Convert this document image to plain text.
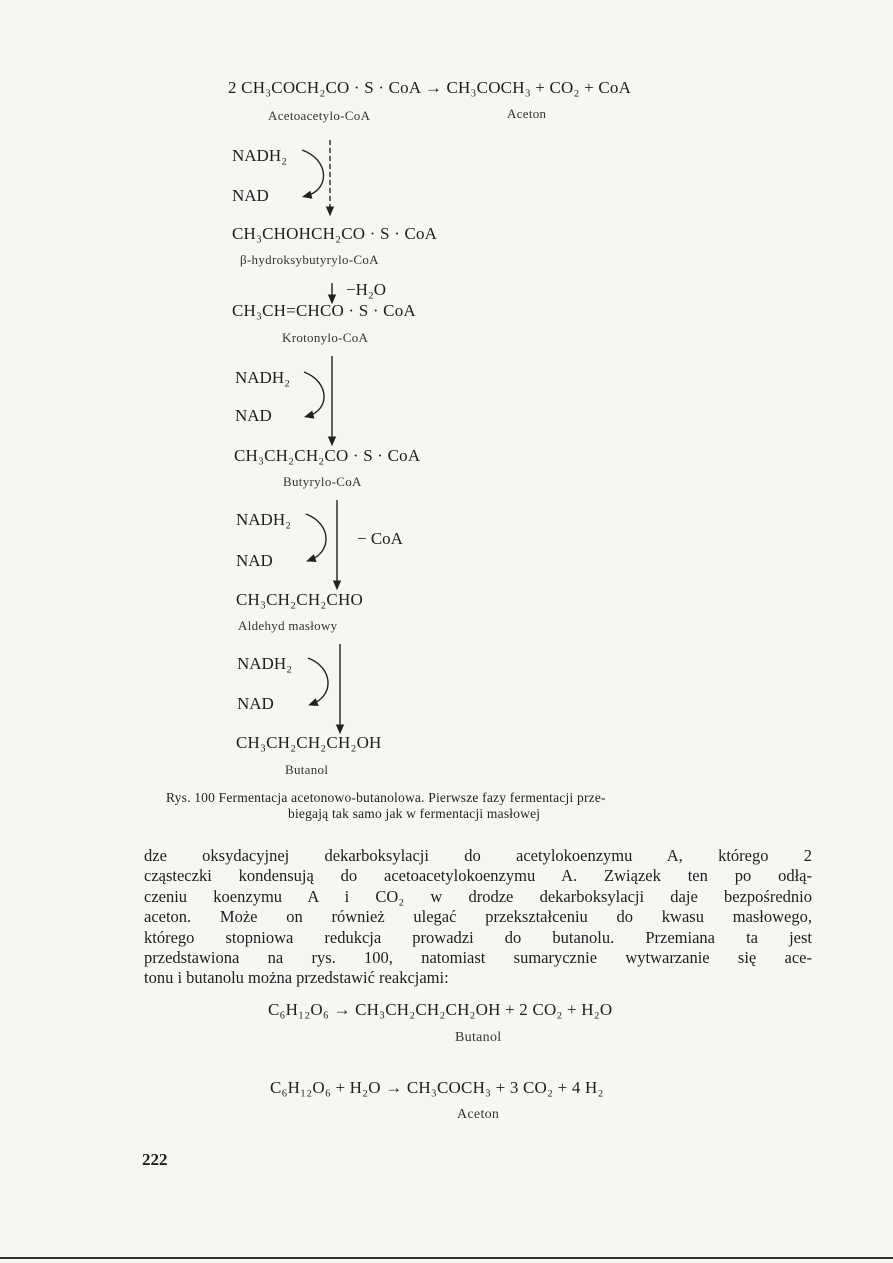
2 CH₃COCH₂CO · S · CoA → CH₃COCH₃ + CO₂ + CoA
Acetoacetylo-CoA	Aceton
NADH₂
NAD
CH₃CHOHCH₂CO · S · CoA
β-hydroksybutyrylo-CoA
−H₂O
CH₃CH=CHCO · S · CoA
Krotonylo-CoA
NADH₂
NAD
CH₃CH₂CH₂CO · S · CoA
Butyrylo-CoA
NADH₂
NAD
− CoA
CH₃CH₂CH₂CHO
Aldehyd masłowy
NADH₂
NAD
CH₃CH₂CH₂CH₂OH
Butanol
Rys. 100 Fermentacja acetonowo-butanolowa. Pierwsze fazy fermentacji prze-
biegają tak samo jak w fermentacji masłowej
dze oksydacyjnej dekarboksylacji do acetylokoenzymu A, którego 2
cząsteczki kondensują do acetoacetylokoenzymu A. Związek ten po odłą-
czeniu koenzymu A i CO₂ w drodze dekarboksylacji daje bezpośrednio
aceton. Może on również ulegać przekształceniu do kwasu masłowego,
którego stopniowa redukcja prowadzi do butanolu. Przemiana ta jest
przedstawiona na rys. 100, natomiast sumarycznie wytwarzanie się ace-
tonu i butanolu można przedstawić reakcjami:
C₆H₁₂O₆ → CH₃CH₂CH₂CH₂OH + 2 CO₂ + H₂O
Butanol
C₆H₁₂O₆ + H₂O → CH₃COCH₃ + 3 CO₂ + 4 H₂
Aceton
222
